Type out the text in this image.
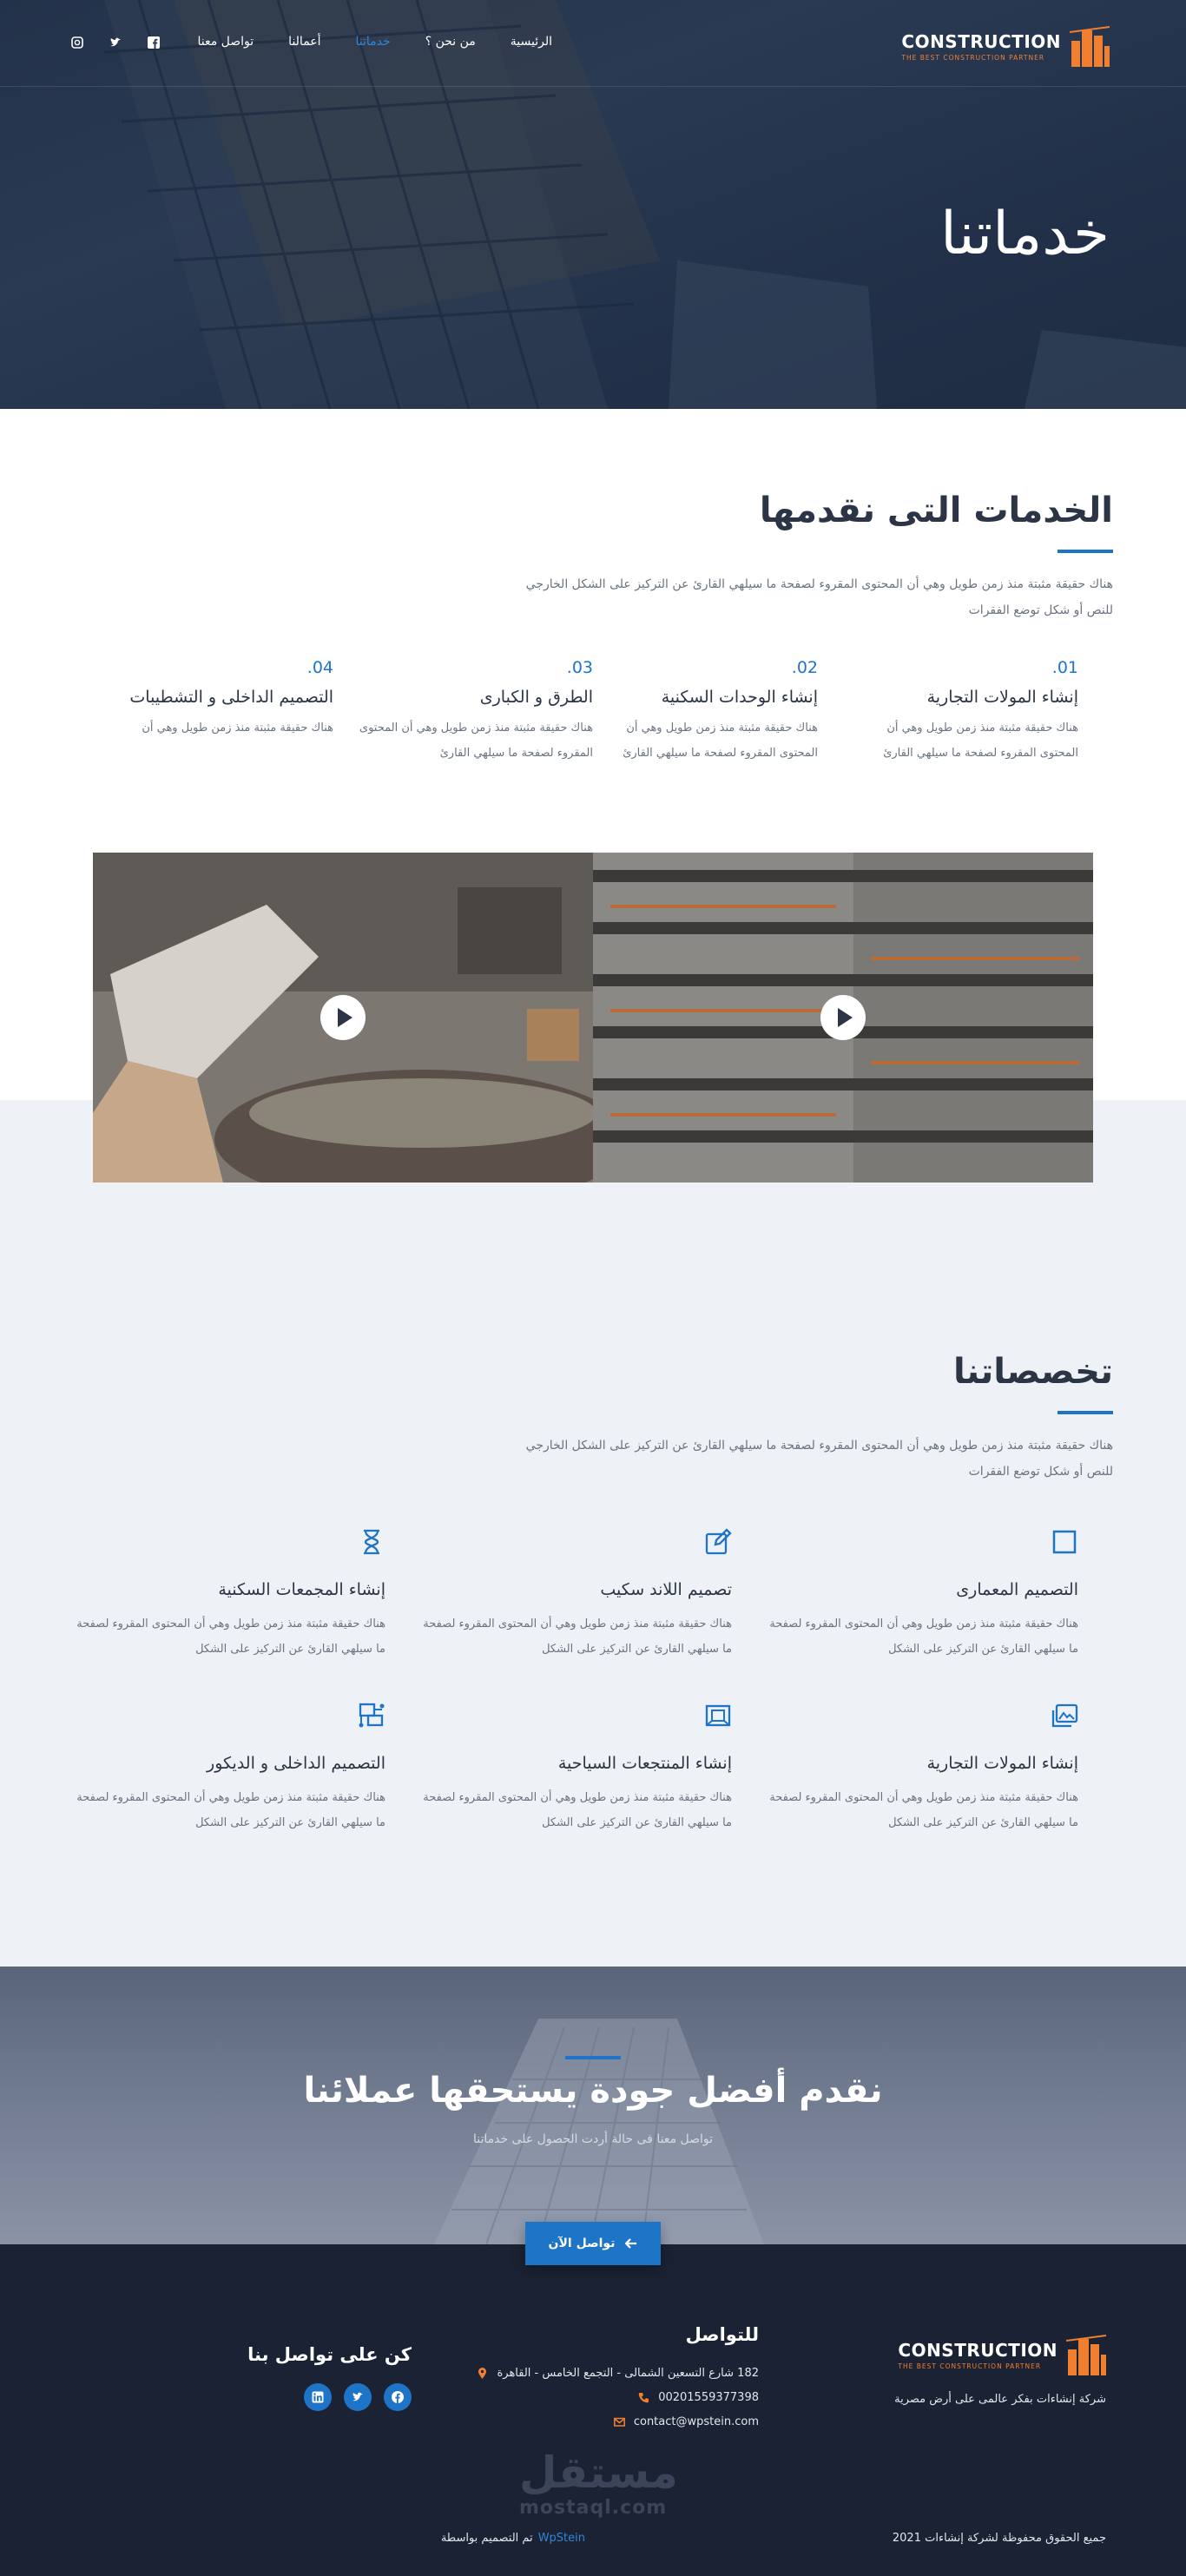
CONSTRUCTION
THE BEST CONSTRUCTION PARTNER
الرئيسية
من نحن ؟
خدماتنا
أعمالنا
تواصل معنا
خدماتنا
الخدمات التى نقدمها

هناك حقيقة مثبتة منذ زمن طويل وهي أن المحتوى المقروء لصفحة ما سيلهي القارئ عن التركيز على الشكل الخارجي للنص أو شكل توضع الفقرات

01.
إنشاء المولات التجارية
هناك حقيقة مثبتة منذ زمن طويل وهي أن المحتوى المقروء لصفحة ما سيلهي القارئ
02.
إنشاء الوحدات السكنية
هناك حقيقة مثبتة منذ زمن طويل وهي أن المحتوى المقروء لصفحة ما سيلهي القارئ
03.
الطرق و الكبارى
هناك حقيقة مثبتة منذ زمن طويل وهي أن المحتوى المقروء لصفحة ما سيلهي القارئ
04.
التصميم الداخلى و التشطيبات
هناك حقيقة مثبتة منذ زمن طويل وهي أن
تخصصاتنا

هناك حقيقة مثبتة منذ زمن طويل وهي أن المحتوى المقروء لصفحة ما سيلهي القارئ عن التركيز على الشكل الخارجي للنص أو شكل توضع الفقرات

التصميم المعمارى
هناك حقيقة مثبتة منذ زمن طويل وهي أن المحتوى المقروء لصفحة ما سيلهي القارئ عن التركيز على الشكل
تصميم اللاند سكيب
هناك حقيقة مثبتة منذ زمن طويل وهي أن المحتوى المقروء لصفحة ما سيلهي القارئ عن التركيز على الشكل
إنشاء المجمعات السكنية
هناك حقيقة مثبتة منذ زمن طويل وهي أن المحتوى المقروء لصفحة ما سيلهي القارئ عن التركيز على الشكل
إنشاء المولات التجارية
هناك حقيقة مثبتة منذ زمن طويل وهي أن المحتوى المقروء لصفحة ما سيلهي القارئ عن التركيز على الشكل
إنشاء المنتجعات السياحية
هناك حقيقة مثبتة منذ زمن طويل وهي أن المحتوى المقروء لصفحة ما سيلهي القارئ عن التركيز على الشكل
التصميم الداخلى و الديكور
هناك حقيقة مثبتة منذ زمن طويل وهي أن المحتوى المقروء لصفحة ما سيلهي القارئ عن التركيز على الشكل
نقدم أفضل جودة يستحقها عملائنا

تواصل معنا فى حالة أردت الحصول على خدماتنا

تواصل الآن
CONSTRUCTION
THE BEST CONSTRUCTION PARTNER

شركة إنشاءات بفكر عالمى على أرض مصرية

للتواصل
182 شارع التسعين الشمالى - التجمع الخامس - القاهرة
00201559377398
contact@wpstein.com
كن على تواصل بنا
مستقل
mostaql.com

جميع الحقوق محفوظة لشركة إنشاءات 2021

تم التصميم بواسطة WpStein
